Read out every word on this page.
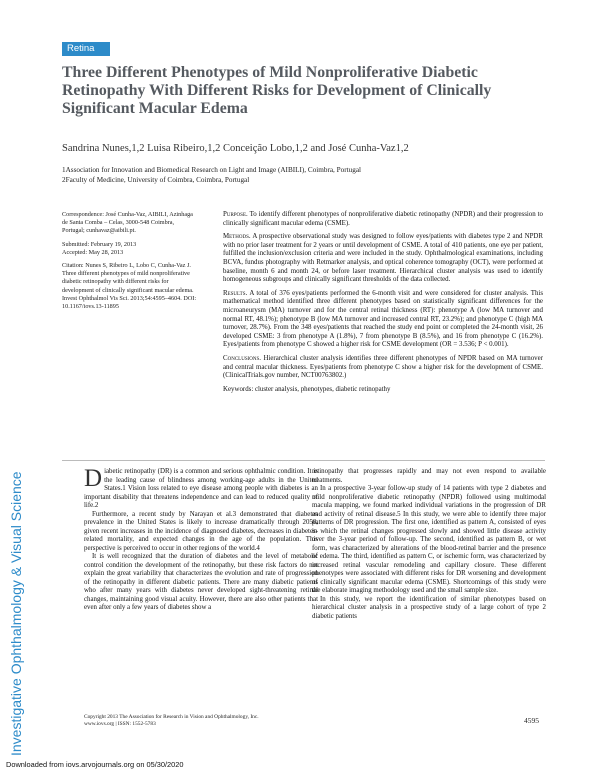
Retina
Investigative Ophthalmology & Visual Science
Three Different Phenotypes of Mild Nonproliferative Diabetic Retinopathy With Different Risks for Development of Clinically Significant Macular Edema
Sandrina Nunes,1,2 Luisa Ribeiro,1,2 Conceição Lobo,1,2 and José Cunha-Vaz1,2
1Association for Innovation and Biomedical Research on Light and Image (AIBILI), Coimbra, Portugal
2Faculty of Medicine, University of Coimbra, Coimbra, Portugal

Correspondence: José Cunha-Vaz, AIBILI, Azinhaga de Santa Comba – Celas, 3000-548 Coimbra, Portugal; cunhavaz@aibili.pt.

Submitted: February 19, 2013
Accepted: May 28, 2013

Citation: Nunes S, Ribeiro L, Lobo C, Cunha-Vaz J. Three different phenotypes of mild nonproliferative diabetic retinopathy with different risks for development of clinically significant macular edema. Invest Ophthalmol Vis Sci. 2013;54:4595–4604. DOI: 10.1167/iovs.13-11895

Purpose. To identify different phenotypes of nonproliferative diabetic retinopathy (NPDR) and their progression to clinically significant macular edema (CSME).

Methods. A prospective observational study was designed to follow eyes/patients with diabetes type 2 and NPDR with no prior laser treatment for 2 years or until development of CSME. A total of 410 patients, one eye per patient, fulfilled the inclusion/exclusion criteria and were included in the study. Ophthalmological examinations, including BCVA, fundus photography with Retmarker analysis, and optical coherence tomography (OCT), were performed at baseline, month 6 and month 24, or before laser treatment. Hierarchical cluster analysis was used to identify homogeneous subgroups and clinically significant thresholds of the data collected.

Results. A total of 376 eyes/patients performed the 6-month visit and were considered for cluster analysis. This mathematical method identified three different phenotypes based on statistically significant differences for the microaneurysm (MA) turnover and for the central retinal thickness (RT): phenotype A (low MA turnover and normal RT, 48.1%); phenotype B (low MA turnover and increased central RT, 23.2%); and phenotype C (high MA turnover, 28.7%). From the 348 eyes/patients that reached the study end point or completed the 24-month visit, 26 developed CSME: 3 from phenotype A (1.8%), 7 from phenotype B (8.5%), and 16 from phenotype C (16.2%). Eyes/patients from phenotype C showed a higher risk for CSME development (OR = 3.536; P < 0.001).

Conclusions. Hierarchical cluster analysis identifies three different phenotypes of NPDR based on MA turnover and central macular thickness. Eyes/patients from phenotype C show a higher risk for the development of CSME. (ClinicalTrials.gov number, NCT00763802.)

Keywords: cluster analysis, phenotypes, diabetic retinopathy

Diabetic retinopathy (DR) is a common and serious ophthalmic condition. It is the leading cause of blindness among working-age adults in the United States.1 Vision loss related to eye disease among people with diabetes is an important disability that threatens independence and can lead to reduced quality of life.2

Furthermore, a recent study by Narayan et al.3 demonstrated that diabetes prevalence in the United States is likely to increase dramatically through 2050, given recent increases in the incidence of diagnosed diabetes, decreases in diabetes-related mortality, and expected changes in the age of the population. This perspective is perceived to occur in other regions of the world.4

It is well recognized that the duration of diabetes and the level of metabolic control condition the development of the retinopathy, but these risk factors do not explain the great variability that characterizes the evolution and rate of progression of the retinopathy in different diabetic patients. There are many diabetic patients who after many years with diabetes never developed sight-threatening retinal changes, maintaining good visual acuity. However, there are also other patients that even after only a few years of diabetes show a

retinopathy that progresses rapidly and may not even respond to available treatments.

In a prospective 3-year follow-up study of 14 patients with type 2 diabetes and mild nonproliferative diabetic retinopathy (NPDR) followed using multimodal macula mapping, we found marked individual variations in the progression of DR and activity of retinal disease.5 In this study, we were able to identify three major patterns of DR progression. The first one, identified as pattern A, consisted of eyes in which the retinal changes progressed slowly and showed little disease activity over the 3-year period of follow-up. The second, identified as pattern B, or wet form, was characterized by alterations of the blood-retinal barrier and the presence of edema. The third, identified as pattern C, or ischemic form, was characterized by increased retinal vascular remodeling and capillary closure. These different phenotypes were associated with different risks for DR worsening and development of clinically significant macular edema (CSME). Shortcomings of this study were the elaborate imaging methodology used and the small sample size.

In this study, we report the identification of similar phenotypes based on hierarchical cluster analysis in a prospective study of a large cohort of type 2 diabetic patients

Copyright 2013 The Association for Research in Vision and Ophthalmology, Inc.
www.iovs.org | ISSN: 1552-5783	4595
Downloaded from iovs.arvojournals.org on 05/30/2020
